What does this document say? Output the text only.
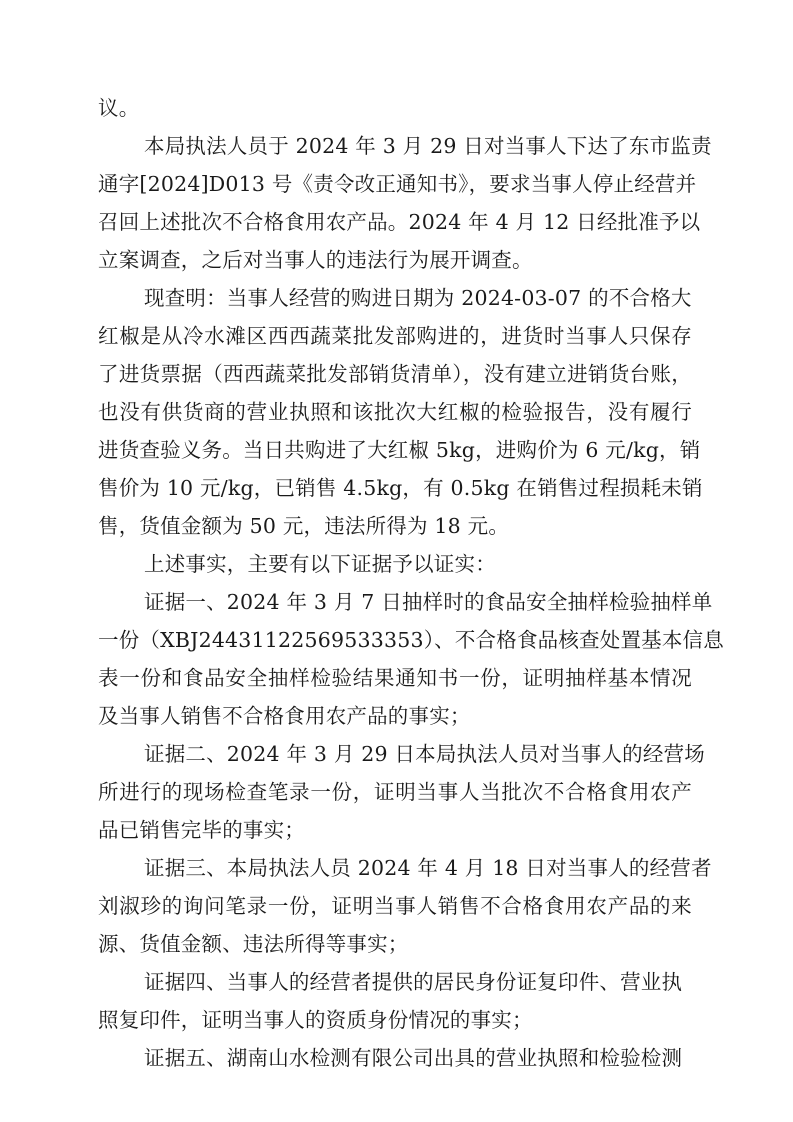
议。
本局执法人员于 2024 年 3 月 29 日对当事人下达了东市监责
通字[2024]D013 号《责令改正通知书》，要求当事人停止经营并
召回上述批次不合格食用农产品。2024 年 4 月 12 日经批准予以
立案调查，之后对当事人的违法行为展开调查。
现查明：当事人经营的购进日期为 2024-03-07 的不合格大
红椒是从冷水滩区西西蔬菜批发部购进的，进货时当事人只保存
了进货票据（西西蔬菜批发部销货清单），没有建立进销货台账，
也没有供货商的营业执照和该批次大红椒的检验报告，没有履行
进货查验义务。当日共购进了大红椒 5kg，进购价为 6 元/kg，销
售价为 10 元/kg，已销售 4.5kg，有 0.5kg 在销售过程损耗未销
售，货值金额为 50 元，违法所得为 18 元。
上述事实，主要有以下证据予以证实：
证据一、2024 年 3 月 7 日抽样时的食品安全抽样检验抽样单
一份（XBJ24431122569533353）、不合格食品核查处置基本信息
表一份和食品安全抽样检验结果通知书一份，证明抽样基本情况
及当事人销售不合格食用农产品的事实；
证据二、2024 年 3 月 29 日本局执法人员对当事人的经营场
所进行的现场检查笔录一份，证明当事人当批次不合格食用农产
品已销售完毕的事实；
证据三、本局执法人员 2024 年 4 月 18 日对当事人的经营者
刘淑珍的询问笔录一份，证明当事人销售不合格食用农产品的来
源、货值金额、违法所得等事实；
证据四、当事人的经营者提供的居民身份证复印件、营业执
照复印件，证明当事人的资质身份情况的事实；
证据五、湖南山水检测有限公司出具的营业执照和检验检测
